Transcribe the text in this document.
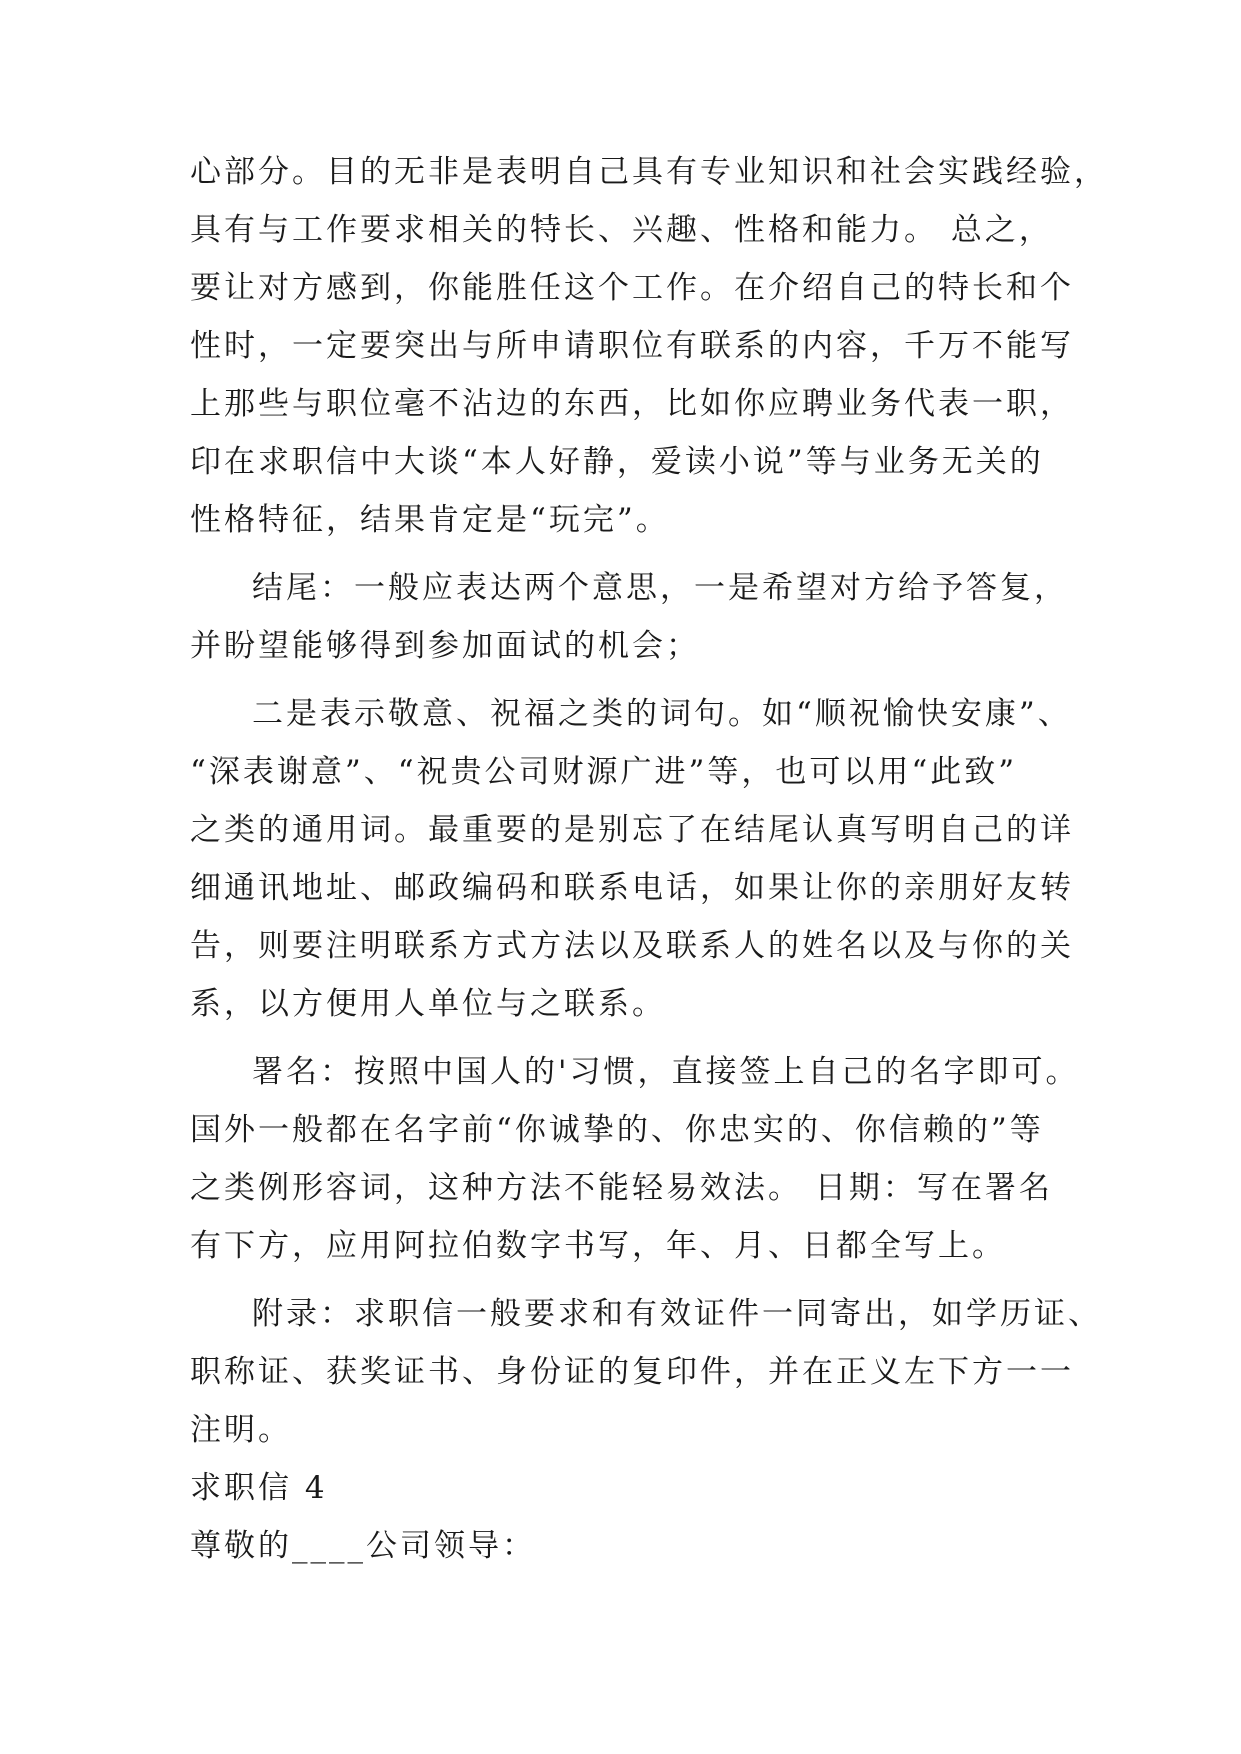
心部分。目的无非是表明自己具有专业知识和社会实践经验，
具有与工作要求相关的特长、兴趣、性格和能力。 总之，
要让对方感到，你能胜任这个工作。在介绍自己的特长和个
性时，一定要突出与所申请职位有联系的内容，千万不能写
上那些与职位毫不沾边的东西，比如你应聘业务代表一职，
印在求职信中大谈“本人好静，爱读小说”等与业务无关的
性格特征，结果肯定是“玩完”。
结尾：一般应表达两个意思，一是希望对方给予答复，
并盼望能够得到参加面试的机会；
二是表示敬意、祝福之类的词句。如“顺祝愉快安康”、
“深表谢意”、“祝贵公司财源广进”等，也可以用“此致”
之类的通用词。最重要的是别忘了在结尾认真写明自己的详
细通讯地址、邮政编码和联系电话，如果让你的亲朋好友转
告，则要注明联系方式方法以及联系人的姓名以及与你的关
系，以方便用人单位与之联系。
署名：按照中国人的'习惯，直接签上自己的名字即可。
国外一般都在名字前“你诚挚的、你忠实的、你信赖的”等
之类例形容词，这种方法不能轻易效法。 日期：写在署名
有下方，应用阿拉伯数字书写，年、月、日都全写上。
附录：求职信一般要求和有效证件一同寄出，如学历证、
职称证、获奖证书、身份证的复印件，并在正义左下方一一
注明。
求职信 4
尊敬的____公司领导：
